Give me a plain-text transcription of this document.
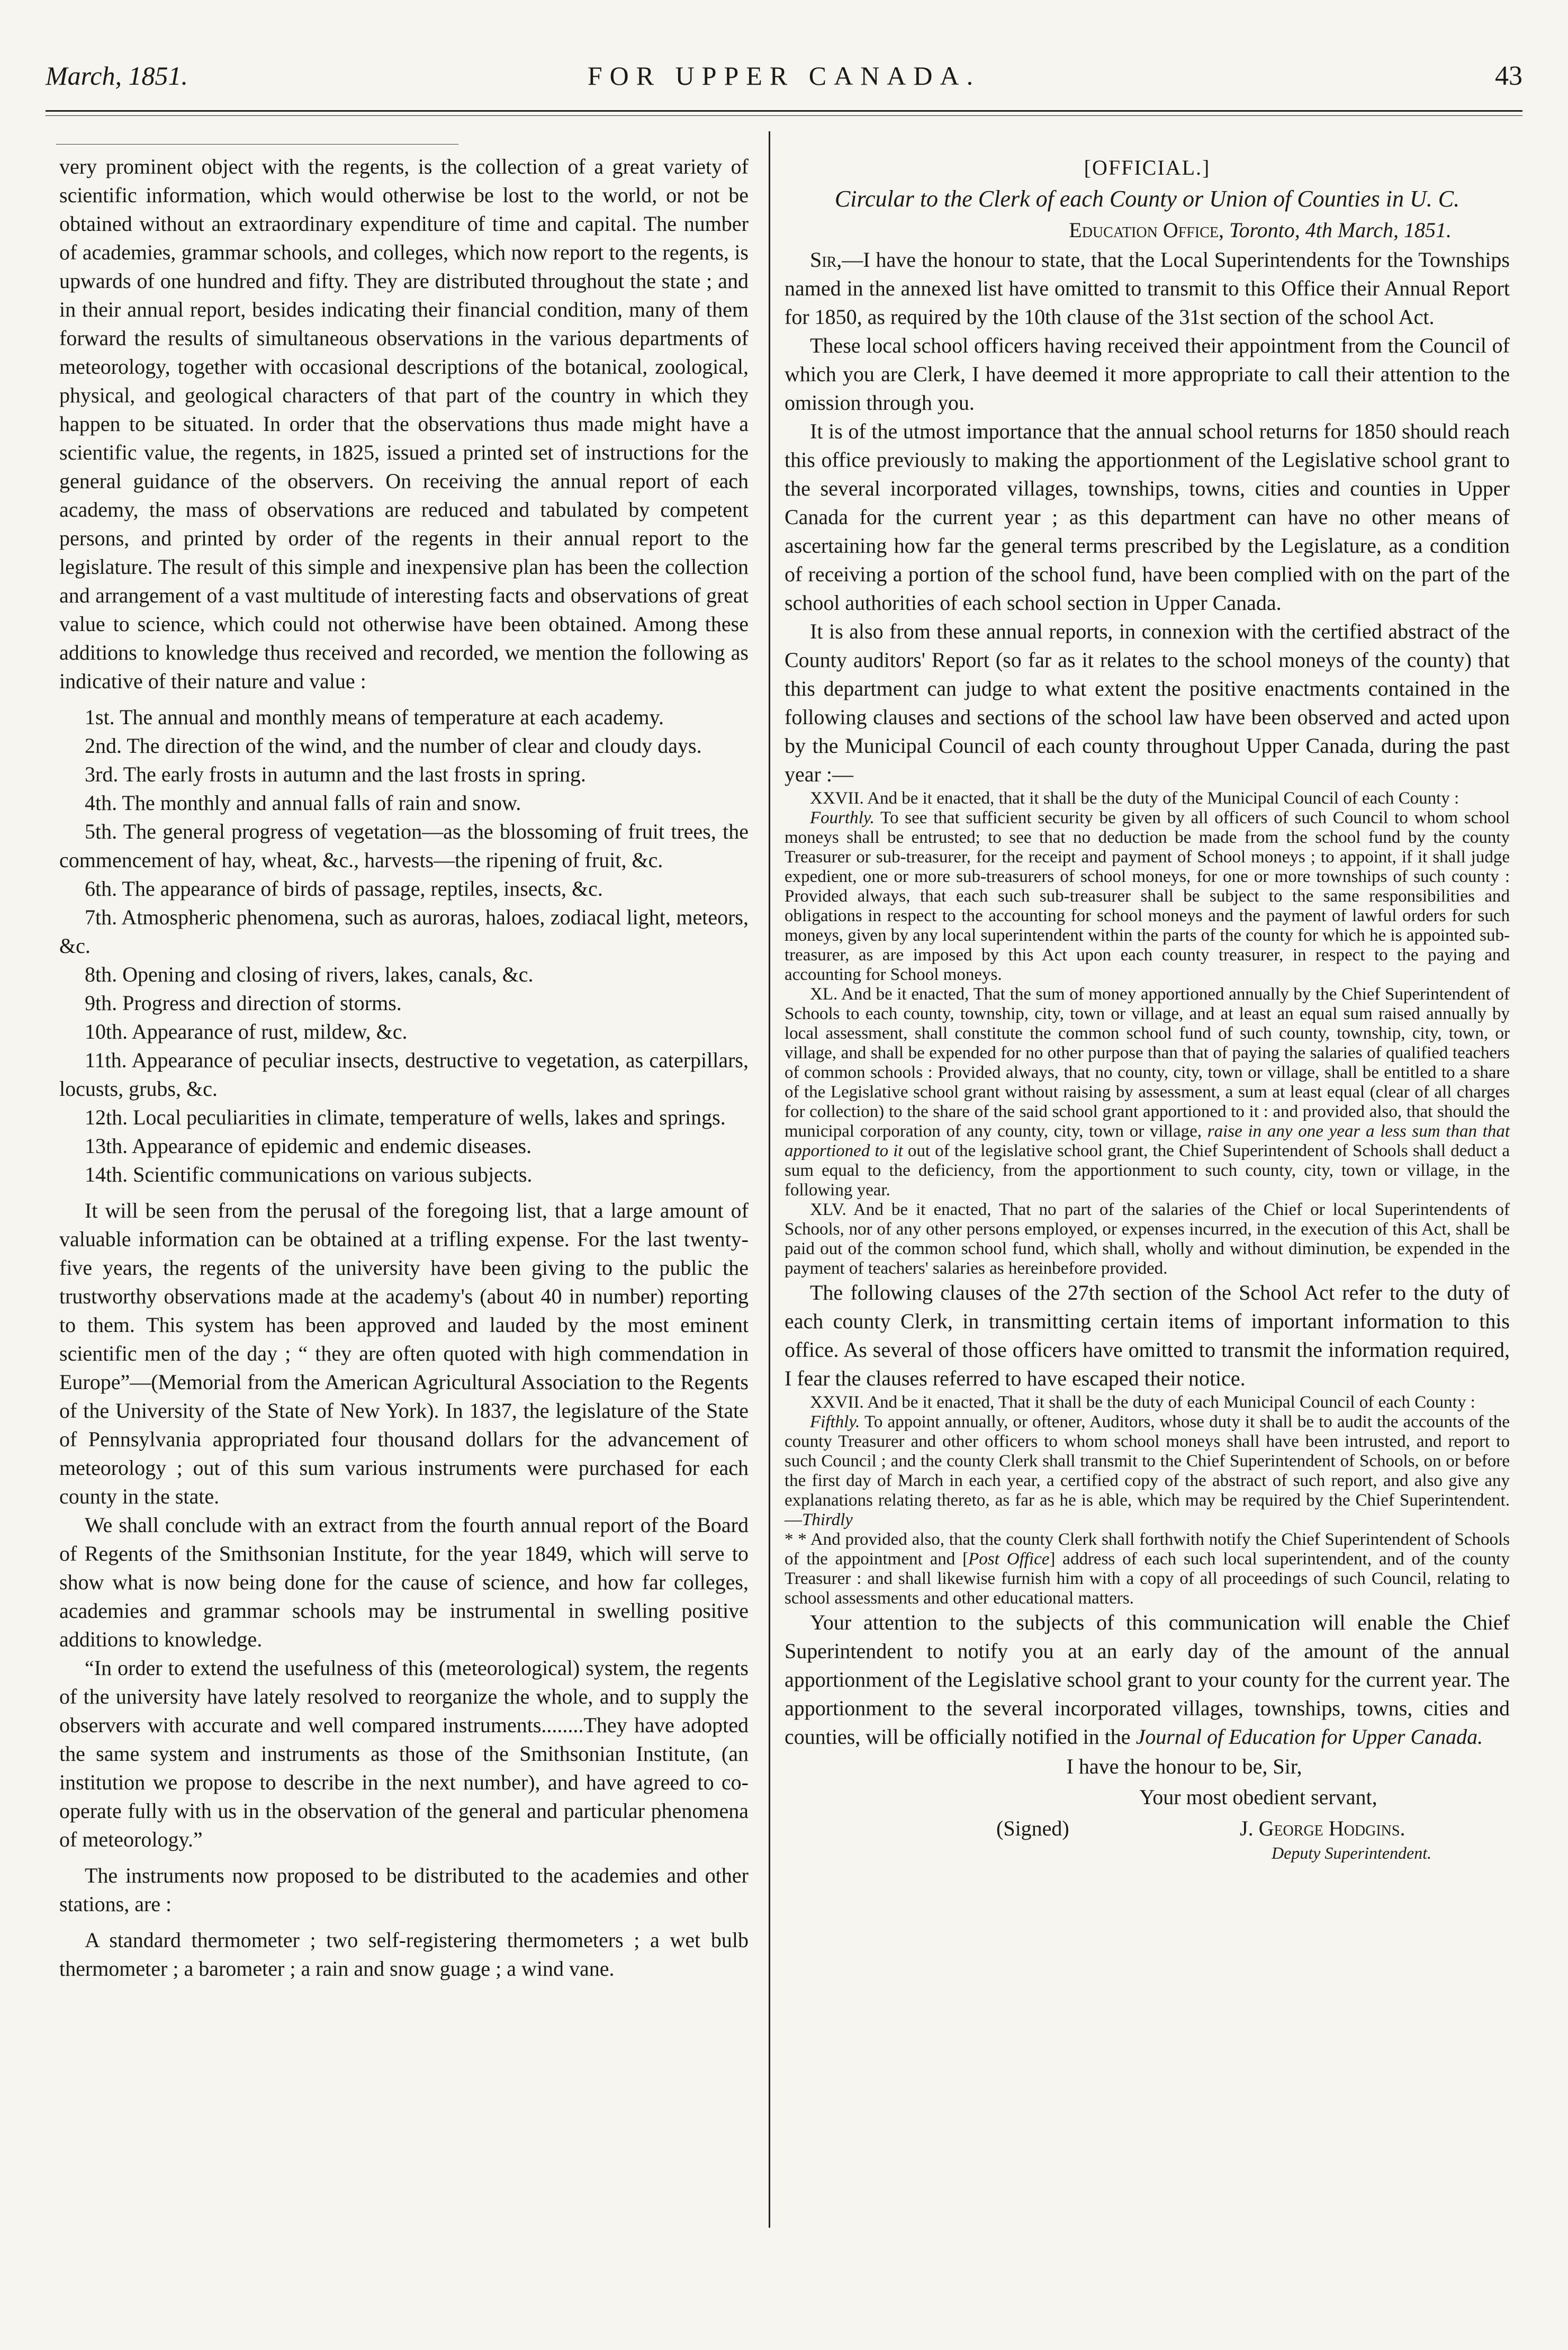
March, 1851.	FOR UPPER CANADA.	43

very prominent object with the regents, is the collection of a great variety of scientific information, which would otherwise be lost to the world, or not be obtained without an extraordinary expenditure of time and capital. The number of academies, grammar schools, and colleges, which now report to the regents, is upwards of one hundred and fifty. They are distributed throughout the state ; and in their annual report, besides indicating their financial condition, many of them forward the results of simultaneous observations in the various departments of meteorology, together with occasional descriptions of the botanical, zoological, physical, and geological characters of that part of the country in which they happen to be situated. In order that the observations thus made might have a scientific value, the regents, in 1825, issued a printed set of instructions for the general guidance of the observers. On receiving the annual report of each academy, the mass of observations are reduced and tabulated by competent persons, and printed by order of the regents in their annual report to the legislature. The result of this simple and inexpensive plan has been the collection and arrangement of a vast multitude of interesting facts and observations of great value to science, which could not otherwise have been obtained. Among these additions to knowledge thus received and recorded, we mention the following as indicative of their nature and value :

1st. The annual and monthly means of temperature at each academy.

2nd. The direction of the wind, and the number of clear and cloudy days.

3rd. The early frosts in autumn and the last frosts in spring.

4th. The monthly and annual falls of rain and snow.

5th. The general progress of vegetation—as the blossoming of fruit trees, the commencement of hay, wheat, &c., harvests—the ripening of fruit, &c.

6th. The appearance of birds of passage, reptiles, insects, &c.

7th. Atmospheric phenomena, such as auroras, haloes, zodiacal light, meteors, &c.

8th. Opening and closing of rivers, lakes, canals, &c.

9th. Progress and direction of storms.

10th. Appearance of rust, mildew, &c.

11th. Appearance of peculiar insects, destructive to vegetation, as caterpillars, locusts, grubs, &c.

12th. Local peculiarities in climate, temperature of wells, lakes and springs.

13th. Appearance of epidemic and endemic diseases.

14th. Scientific communications on various subjects.

It will be seen from the perusal of the foregoing list, that a large amount of valuable information can be obtained at a trifling expense. For the last twenty-five years, the regents of the university have been giving to the public the trustworthy observations made at the academy's (about 40 in number) reporting to them. This system has been approved and lauded by the most eminent scientific men of the day ; “ they are often quoted with high commendation in Europe”—(Memorial from the American Agricultural Association to the Regents of the University of the State of New York). In 1837, the legislature of the State of Pennsylvania appropriated four thousand dollars for the advancement of meteorology ; out of this sum various instruments were purchased for each county in the state.

We shall conclude with an extract from the fourth annual report of the Board of Regents of the Smithsonian Institute, for the year 1849, which will serve to show what is now being done for the cause of science, and how far colleges, academies and grammar schools may be instrumental in swelling positive additions to knowledge.

“In order to extend the usefulness of this (meteorological) system, the regents of the university have lately resolved to reorganize the whole, and to supply the observers with accurate and well compared instruments........They have adopted the same system and instruments as those of the Smithsonian Institute, (an institution we propose to describe in the next number), and have agreed to co-operate fully with us in the observation of the general and particular phenomena of meteorology.”

The instruments now proposed to be distributed to the academies and other stations, are :

A standard thermometer ; two self-registering thermometers ; a wet bulb thermometer ; a barometer ; a rain and snow guage ; a wind vane.

[OFFICIAL.]

Circular to the Clerk of each County or Union of Counties in U. C.

Education Office, Toronto, 4th March, 1851.

Sir,—I have the honour to state, that the Local Superintendents for the Townships named in the annexed list have omitted to transmit to this Office their Annual Report for 1850, as required by the 10th clause of the 31st section of the school Act.

These local school officers having received their appointment from the Council of which you are Clerk, I have deemed it more appropriate to call their attention to the omission through you.

It is of the utmost importance that the annual school returns for 1850 should reach this office previously to making the apportionment of the Legislative school grant to the several incorporated villages, townships, towns, cities and counties in Upper Canada for the current year ; as this department can have no other means of ascertaining how far the general terms prescribed by the Legislature, as a condition of receiving a portion of the school fund, have been complied with on the part of the school authorities of each school section in Upper Canada.

It is also from these annual reports, in connexion with the certified abstract of the County auditors' Report (so far as it relates to the school moneys of the county) that this department can judge to what extent the positive enactments contained in the following clauses and sections of the school law have been observed and acted upon by the Municipal Council of each county throughout Upper Canada, during the past year :—

XXVII. And be it enacted, that it shall be the duty of the Municipal Council of each County :

Fourthly. To see that sufficient security be given by all officers of such Council to whom school moneys shall be entrusted; to see that no deduction be made from the school fund by the county Treasurer or sub-treasurer, for the receipt and payment of School moneys ; to appoint, if it shall judge expedient, one or more sub-treasurers of school moneys, for one or more townships of such county : Provided always, that each such sub-treasurer shall be subject to the same responsibilities and obligations in respect to the accounting for school moneys and the payment of lawful orders for such moneys, given by any local superintendent within the parts of the county for which he is appointed sub-treasurer, as are imposed by this Act upon each county treasurer, in respect to the paying and accounting for School moneys.

XL. And be it enacted, That the sum of money apportioned annually by the Chief Superintendent of Schools to each county, township, city, town or village, and at least an equal sum raised annually by local assessment, shall constitute the common school fund of such county, township, city, town, or village, and shall be expended for no other purpose than that of paying the salaries of qualified teachers of common schools : Provided always, that no county, city, town or village, shall be entitled to a share of the Legislative school grant without raising by assessment, a sum at least equal (clear of all charges for collection) to the share of the said school grant apportioned to it : and provided also, that should the municipal corporation of any county, city, town or village, raise in any one year a less sum than that apportioned to it out of the legislative school grant, the Chief Superintendent of Schools shall deduct a sum equal to the deficiency, from the apportionment to such county, city, town or village, in the following year.

XLV. And be it enacted, That no part of the salaries of the Chief or local Superintendents of Schools, nor of any other persons employed, or expenses incurred, in the execution of this Act, shall be paid out of the common school fund, which shall, wholly and without diminution, be expended in the payment of teachers' salaries as hereinbefore provided.

The following clauses of the 27th section of the School Act refer to the duty of each county Clerk, in transmitting certain items of important information to this office. As several of those officers have omitted to transmit the information required, I fear the clauses referred to have escaped their notice.

XXVII. And be it enacted, That it shall be the duty of each Municipal Council of each County :

Fifthly. To appoint annually, or oftener, Auditors, whose duty it shall be to audit the accounts of the county Treasurer and other officers to whom school moneys shall have been intrusted, and report to such Council ; and the county Clerk shall transmit to the Chief Superintendent of Schools, on or before the first day of March in each year, a certified copy of the abstract of such report, and also give any explanations relating thereto, as far as he is able, which may be required by the Chief Superintendent.—Thirdly
* * And provided also, that the county Clerk shall forthwith notify the Chief Superintendent of Schools of the appointment and [Post Office] address of each such local superintendent, and of the county Treasurer : and shall likewise furnish him with a copy of all proceedings of such Council, relating to school assessments and other educational matters.

Your attention to the subjects of this communication will enable the Chief Superintendent to notify you at an early day of the amount of the annual apportionment of the Legislative school grant to your county for the current year. The apportionment to the several incorporated villages, townships, towns, cities and counties, will be officially notified in the Journal of Education for Upper Canada.

I have the honour to be, Sir,

Your most obedient servant,

(Signed)	J. George Hodgins.
Deputy Superintendent.
